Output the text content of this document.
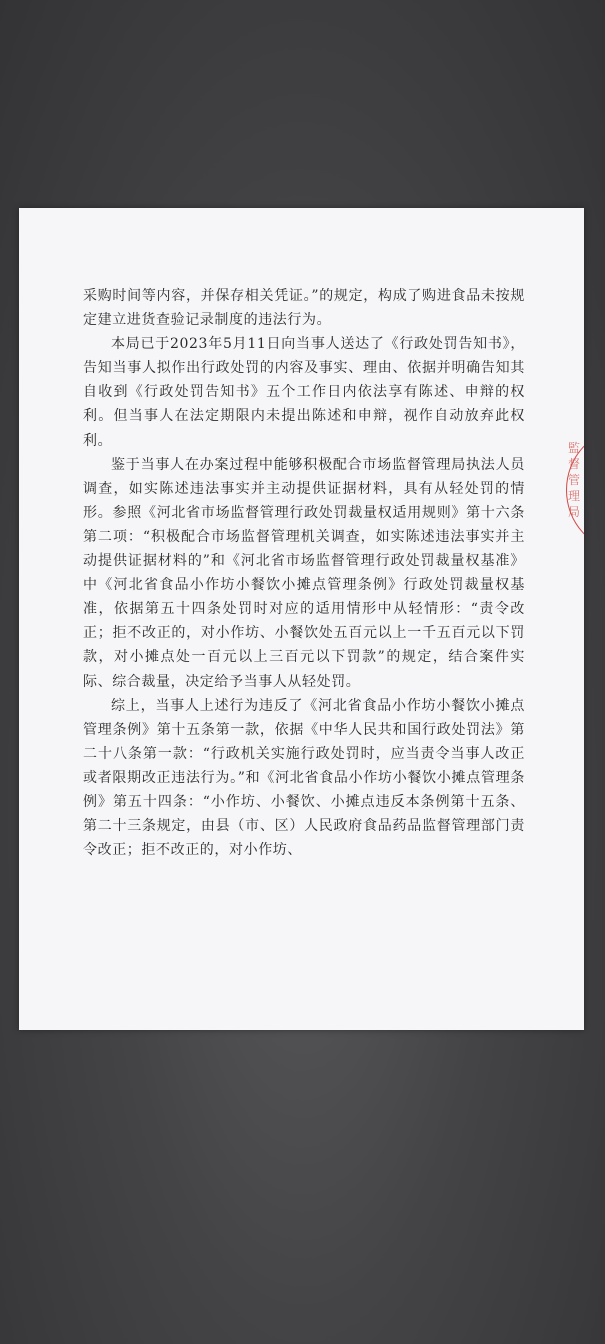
采购时间等内容，并保存相关凭证。”的规定，构成了购进食品未按规定建立进货查验记录制度的违法行为。

本局已于2023年5月11日向当事人送达了《行政处罚告知书》，告知当事人拟作出行政处罚的内容及事实、理由、依据并明确告知其自收到《行政处罚告知书》五个工作日内依法享有陈述、申辩的权利。但当事人在法定期限内未提出陈述和申辩，视作自动放弃此权利。

鉴于当事人在办案过程中能够积极配合市场监督管理局执法人员调查，如实陈述违法事实并主动提供证据材料，具有从轻处罚的情形。参照《河北省市场监督管理行政处罚裁量权适用规则》第十六条第二项：“积极配合市场监督管理机关调查，如实陈述违法事实并主动提供证据材料的”和《河北省市场监督管理行政处罚裁量权基准》中《河北省食品小作坊小餐饮小摊点管理条例》行政处罚裁量权基准，依据第五十四条处罚时对应的适用情形中从轻情形：“责令改正；拒不改正的，对小作坊、小餐饮处五百元以上一千五百元以下罚款，对小摊点处一百元以上三百元以下罚款”的规定，结合案件实际、综合裁量，决定给予当事人从轻处罚。

综上，当事人上述行为违反了《河北省食品小作坊小餐饮小摊点管理条例》第十五条第一款，依据《中华人民共和国行政处罚法》第二十八条第一款：“行政机关实施行政处罚时，应当责令当事人改正或者限期改正违法行为。”和《河北省食品小作坊小餐饮小摊点管理条例》第五十四条：“小作坊、小餐饮、小摊点违反本条例第十五条、第二十三条规定，由县（市、区）人民政府食品药品监督管理部门责令改正；拒不改正的，对小作坊、

監督管理局
